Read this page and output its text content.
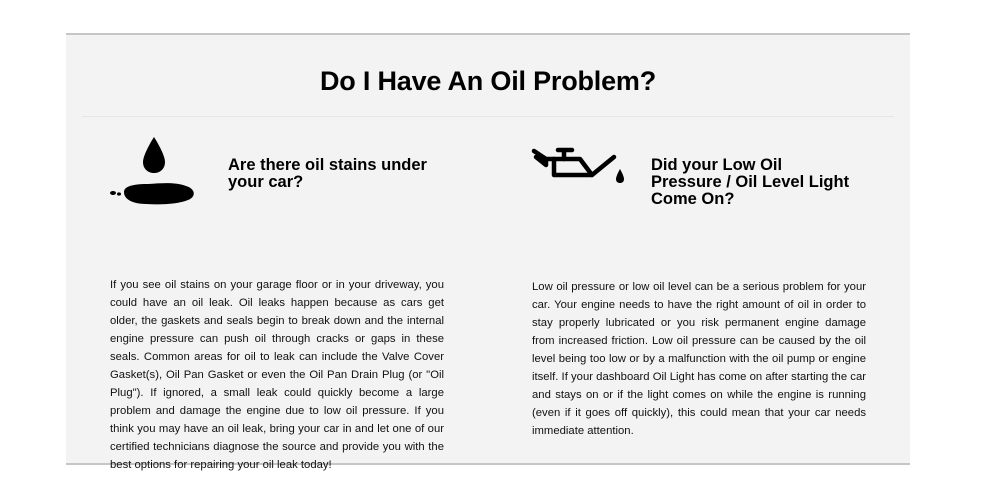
Do I Have An Oil Problem?
Are there oil stains under your car?

If you see oil stains on your garage floor or in your driveway, you could have an oil leak. Oil leaks happen because as cars get older, the gaskets and seals begin to break down and the internal engine pressure can push oil through cracks or gaps in these seals. Common areas for oil to leak can include the Valve Cover Gasket(s), Oil Pan Gasket or even the Oil Pan Drain Plug (or "Oil Plug"). If ignored, a small leak could quickly become a large problem and damage the engine due to low oil pressure. If you think you may have an oil leak, bring your car in and let one of our certified technicians diagnose the source and provide you with the best options for repairing your oil leak today!

Did your Low Oil Pressure / Oil Level Light Come On?

Low oil pressure or low oil level can be a serious problem for your car. Your engine needs to have the right amount of oil in order to stay properly lubricated or you risk permanent engine damage from increased friction. Low oil pressure can be caused by the oil level being too low or by a malfunction with the oil pump or engine itself. If your dashboard Oil Light has come on after starting the car and stays on or if the light comes on while the engine is running (even if it goes off quickly), this could mean that your car needs immediate attention.
